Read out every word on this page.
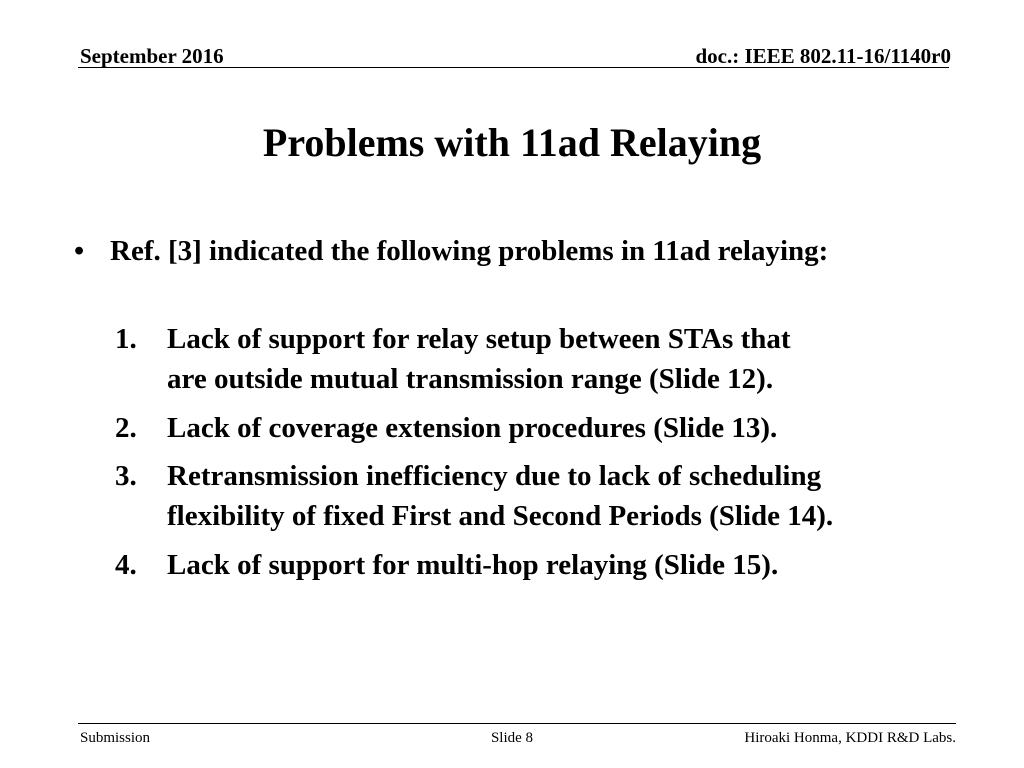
September 2016	doc.: IEEE 802.11-16/1140r0
Problems with 11ad Relaying
• Ref. [3] indicated the following problems in 11ad relaying:
1. Lack of support for relay setup between STAs that
are outside mutual transmission range (Slide 12).
2. Lack of coverage extension procedures (Slide 13).
3. Retransmission inefficiency due to lack of scheduling
flexibility of fixed First and Second Periods (Slide 14).
4. Lack of support for multi-hop relaying (Slide 15).
Submission	Slide 8	Hiroaki Honma, KDDI R&D Labs.
